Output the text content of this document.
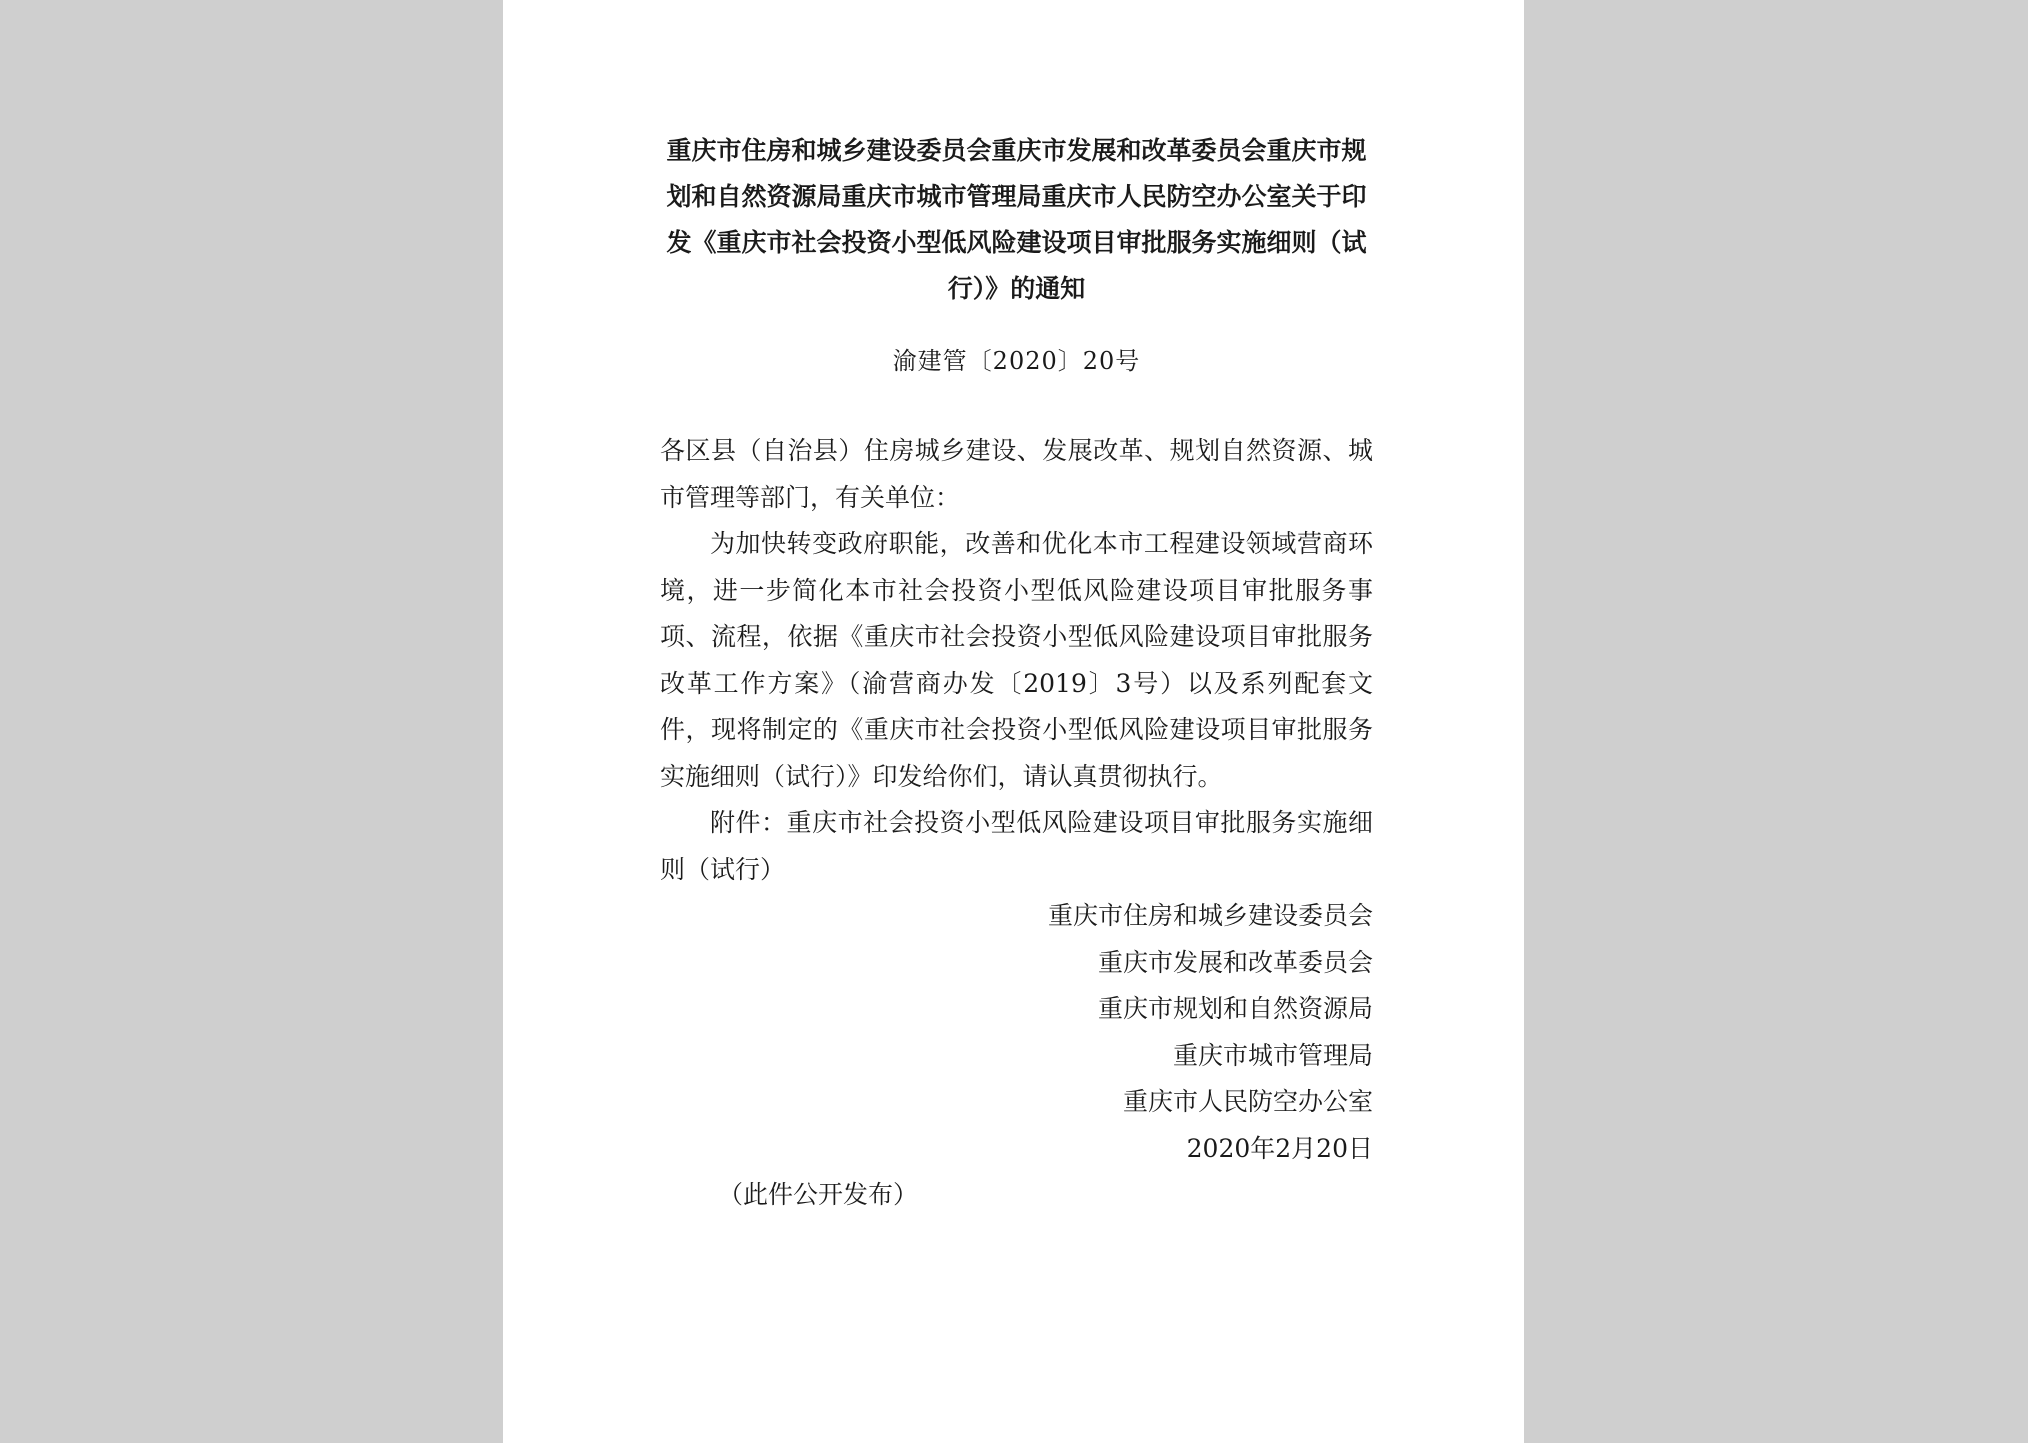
重庆市住房和城乡建设委员会重庆市发展和改革委员会重庆市规划和自然资源局重庆市城市管理局重庆市人民防空办公室关于印发《重庆市社会投资小型低风险建设项目审批服务实施细则（试行）》的通知
渝建管〔2020〕20号

各区县（自治县）住房城乡建设、发展改革、规划自然资源、城市管理等部门，有关单位：

为加快转变政府职能，改善和优化本市工程建设领域营商环境，进一步简化本市社会投资小型低风险建设项目审批服务事项、流程，依据《重庆市社会投资小型低风险建设项目审批服务改革工作方案》（渝营商办发〔2019〕3号）以及系列配套文件，现将制定的《重庆市社会投资小型低风险建设项目审批服务实施细则（试行）》印发给你们，请认真贯彻执行。

附件：重庆市社会投资小型低风险建设项目审批服务实施细则（试行）

重庆市住房和城乡建设委员会
重庆市发展和改革委员会
重庆市规划和自然资源局
重庆市城市管理局
重庆市人民防空办公室
2020年2月20日
（此件公开发布）
